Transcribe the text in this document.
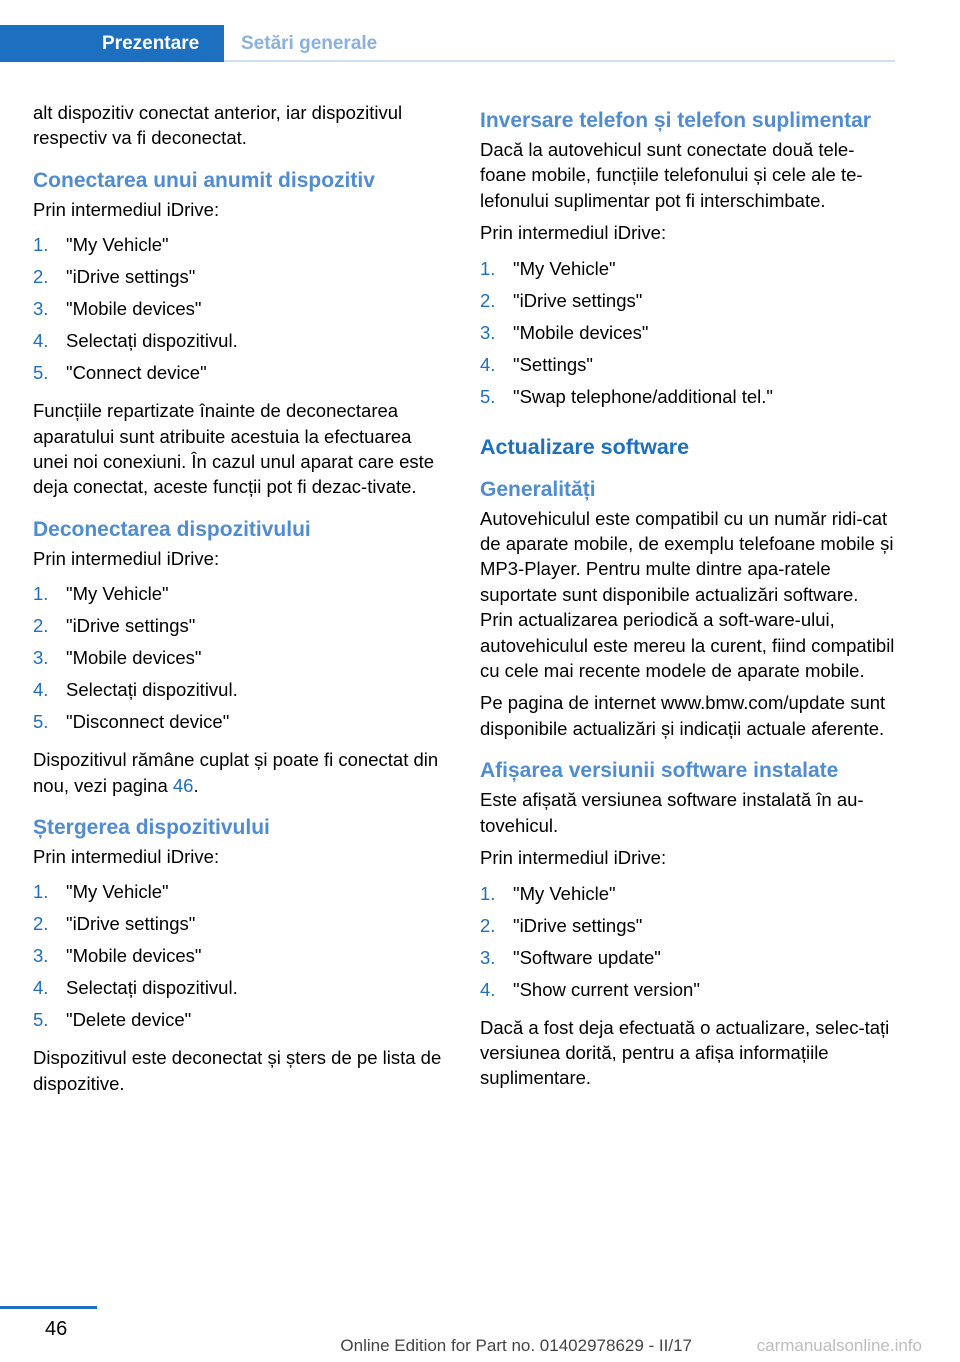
Prezentare	Setări generale

alt dispozitiv conectat anterior, iar dispozitivul respectiv va fi deconectat.

Conectarea unui anumit dispozitiv

Prin intermediul iDrive:

1. "My Vehicle"
2. "iDrive settings"
3. "Mobile devices"
4. Selectați dispozitivul.
5. "Connect device"

Funcțiile repartizate înainte de deconectarea aparatului sunt atribuite acestuia la efectuarea unei noi conexiuni. În cazul unul aparat care este deja conectat, aceste funcții pot fi dezac‐tivate.

Deconectarea dispozitivului

Prin intermediul iDrive:

1. "My Vehicle"
2. "iDrive settings"
3. "Mobile devices"
4. Selectați dispozitivul.
5. "Disconnect device"

Dispozitivul rămâne cuplat și poate fi conectat din nou, vezi pagina 46.

Ștergerea dispozitivului

Prin intermediul iDrive:

1. "My Vehicle"
2. "iDrive settings"
3. "Mobile devices"
4. Selectați dispozitivul.
5. "Delete device"

Dispozitivul este deconectat și șters de pe lista de dispozitive.

Inversare telefon și telefon suplimentar

Dacă la autovehicul sunt conectate două tele‐foane mobile, funcțiile telefonului și cele ale te‐lefonului suplimentar pot fi interschimbate.

Prin intermediul iDrive:

1. "My Vehicle"
2. "iDrive settings"
3. "Mobile devices"
4. "Settings"
5. "Swap telephone/additional tel."
Actualizare software
Generalități

Autovehiculul este compatibil cu un număr ridi‐cat de aparate mobile, de exemplu telefoane mobile și MP3-Player. Pentru multe dintre apa‐ratele suportate sunt disponibile actualizări software. Prin actualizarea periodică a soft‐ware-ului, autovehiculul este mereu la curent, fiind compatibil cu cele mai recente modele de aparate mobile.

Pe pagina de internet www.bmw.com/update sunt disponibile actualizări și indicații actuale aferente.

Afișarea versiunii software instalate

Este afișată versiunea software instalată în au‐tovehicul.

Prin intermediul iDrive:

1. "My Vehicle"
2. "iDrive settings"
3. "Software update"
4. "Show current version"

Dacă a fost deja efectuată o actualizare, selec‐tați versiunea dorită, pentru a afișa informațiile suplimentare.

46
Online Edition for Part no. 01402978629 - II/17	carmanualsonline.info
